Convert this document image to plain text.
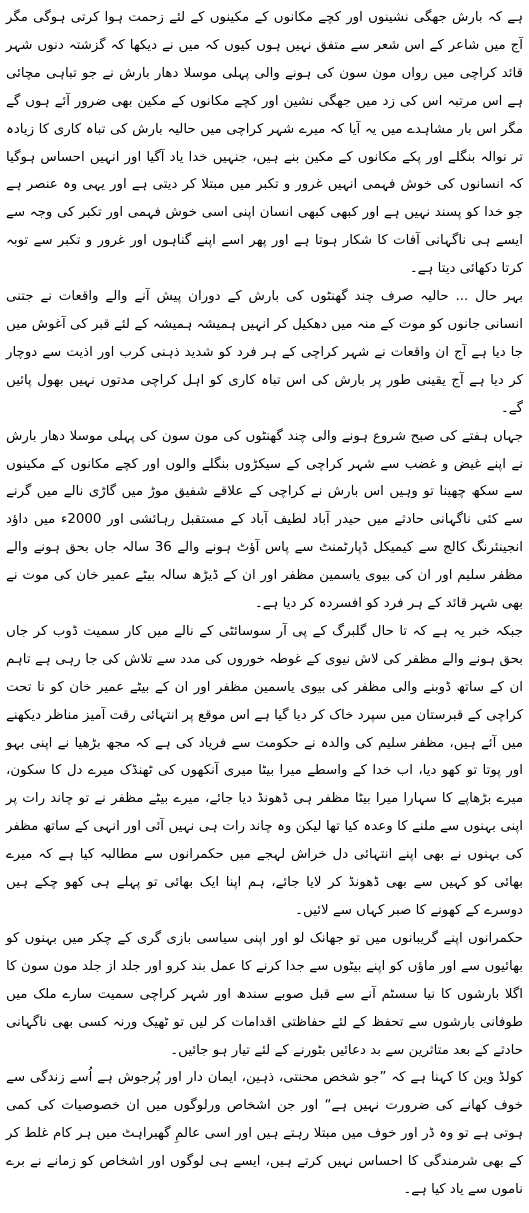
ہے کہ بارش جھگی نشینوں اور کچے مکانوں کے مکینوں کے لئے زحمت ہوا کرتی ہوگی مگر آج میں شاعر کے اس شعر سے متفق نہیں ہوں کیوں کہ میں نے دیکھا کہ گزشتہ دنوں شہر قائد کراچی میں رواں مون سون کی ہونے والی پہلی موسلا دھار بارش نے جو تباہی مچائی ہے اس مرتبہ اس کی زد میں جھگی نشین اور کچے مکانوں کے مکین بھی ضرور آئے ہوں گے مگر اس بار مشاہدے میں یہ آیا کہ میرے شہر کراچی میں حالیہ بارش کی تباہ کاری کا زیادہ تر نوالہ بنگلے اور پکے مکانوں کے مکین بنے ہیں، جنہیں خدا یاد آگیا اور انہیں احساس ہوگیا کہ انسانوں کی خوش فہمی انہیں غرور و تکبر میں مبتلا کر دیتی ہے اور یہی وہ عنصر ہے جو خدا کو پسند نہیں ہے اور کبھی کبھی انسان اپنی اسی خوش فہمی اور تکبر کی وجہ سے ایسے ہی ناگہانی آفات کا شکار ہوتا ہے اور پھر اسے اپنے گناہوں اور غرور و تکبر سے توبہ کرتا دکھائی دیتا ہے۔

بہر حال ... حالیہ صرف چند گھنٹوں کی بارش کے دوران پیش آنے والے واقعات نے جتنی انسانی جانوں کو موت کے منہ میں دھکیل کر انہیں ہمیشہ ہمیشہ کے لئے قبر کی آغوش میں جا دیا ہے آج ان واقعات نے شہر کراچی کے ہر فرد کو شدید ذہنی کرب اور اذیت سے دوچار کر دیا ہے آج یقینی طور پر بارش کی اس تباہ کاری کو اہل کراچی مدتوں نہیں بھول پائیں گے۔

جہاں ہفتے کی صبح شروع ہونے والی چند گھنٹوں کی مون سون کی پہلی موسلا دھار بارش نے اپنے غیض و غضب سے شہر کراچی کے سیکڑوں بنگلے والوں اور کچے مکانوں کے مکینوں سے سکھ چھینا تو وہیں اس بارش نے کراچی کے علاقے شفیق موڑ میں گاڑی نالے میں گرنے سے کئی ناگہانی حادثے میں حیدر آباد لطیف آباد کے مستقبل رہائشی اور 2000ء میں داؤد انجینئرنگ کالج سے کیمیکل ڈپارٹمنٹ سے پاس آؤٹ ہونے والے 36 سالہ جاں بحق ہونے والے مظفر سلیم اور ان کی بیوی یاسمین مظفر اور ان کے ڈیڑھ سالہ بیٹے عمیر خان کی موت نے بھی شہر قائد کے ہر فرد کو افسردہ کر دیا ہے۔

جبکہ خبر یہ ہے کہ تا حال گلبرگ کے پی آر سوسائٹی کے نالے میں کار سمیت ڈوب کر جاں بحق ہونے والے مظفر کی لاش نیوی کے غوطہ خوروں کی مدد سے تلاش کی جا رہی ہے تاہم ان کے ساتھ ڈوبنے والی مظفر کی بیوی یاسمین مظفر اور ان کے بیٹے عمیر خان کو نا تحت کراچی کے قبرستان میں سپرد خاک کر دیا گیا ہے اس موقع پر انتہائی رقت آمیز مناظر دیکھنے میں آئے ہیں، مظفر سلیم کی والدہ نے حکومت سے فریاد کی ہے کہ مجھ بڑھیا نے اپنی بہو اور پوتا تو کھو دیا، اب خدا کے واسطے میرا بیٹا میری آنکھوں کی ٹھنڈک میرے دل کا سکون، میرے بڑھاپے کا سہارا میرا بیٹا مظفر ہی ڈھونڈ دیا جائے، میرے بیٹے مظفر نے تو چاند رات پر اپنی بہنوں سے ملنے کا وعدہ کیا تھا لیکن وہ چاند رات ہی نہیں آئی اور انہی کے ساتھ مظفر کی بہنوں نے بھی اپنے انتہائی دل خراش لہجے میں حکمرانوں سے مطالبہ کیا ہے کہ میرے بھائی کو کہیں سے بھی ڈھونڈ کر لایا جائے، ہم اپنا ایک بھائی تو پہلے ہی کھو چکے ہیں دوسرے کے کھونے کا صبر کہاں سے لائیں۔

حکمرانوں اپنے گریبانوں میں تو جھانک لو اور اپنی سیاسی بازی گری کے چکر میں بہنوں کو بھائیوں سے اور ماؤں کو اپنے بیٹوں سے جدا کرنے کا عمل بند کرو اور جلد از جلد مون سون کا اگلا بارشوں کا نیا سسٹم آنے سے قبل صوبے سندھ اور شہر کراچی سمیت سارے ملک میں طوفانی بارشوں سے تحفظ کے لئے حفاظتی اقدامات کر لیں تو ٹھیک ورنہ کسی بھی ناگہانی حادثے کے بعد متاثرین سے بد دعائیں بٹورنے کے لئے تیار ہو جائیں۔

کولڈ وین کا کہنا ہے کہ ”جو شخص محنتی، ذہین، ایمان دار اور پُرجوش ہے اُسے زندگی سے خوف کھانے کی ضرورت نہیں ہے“ اور جن اشخاص ورلوگوں میں ان خصوصیات کی کمی ہوتی ہے تو وہ ڈر اور خوف میں مبتلا رہتے ہیں اور اسی عالمِ گھبراہٹ میں ہر کام غلط کر کے بھی شرمندگی کا احساس نہیں کرتے ہیں، ایسے ہی لوگوں اور اشخاص کو زمانے نے برے ناموں سے یاد کیا ہے۔
